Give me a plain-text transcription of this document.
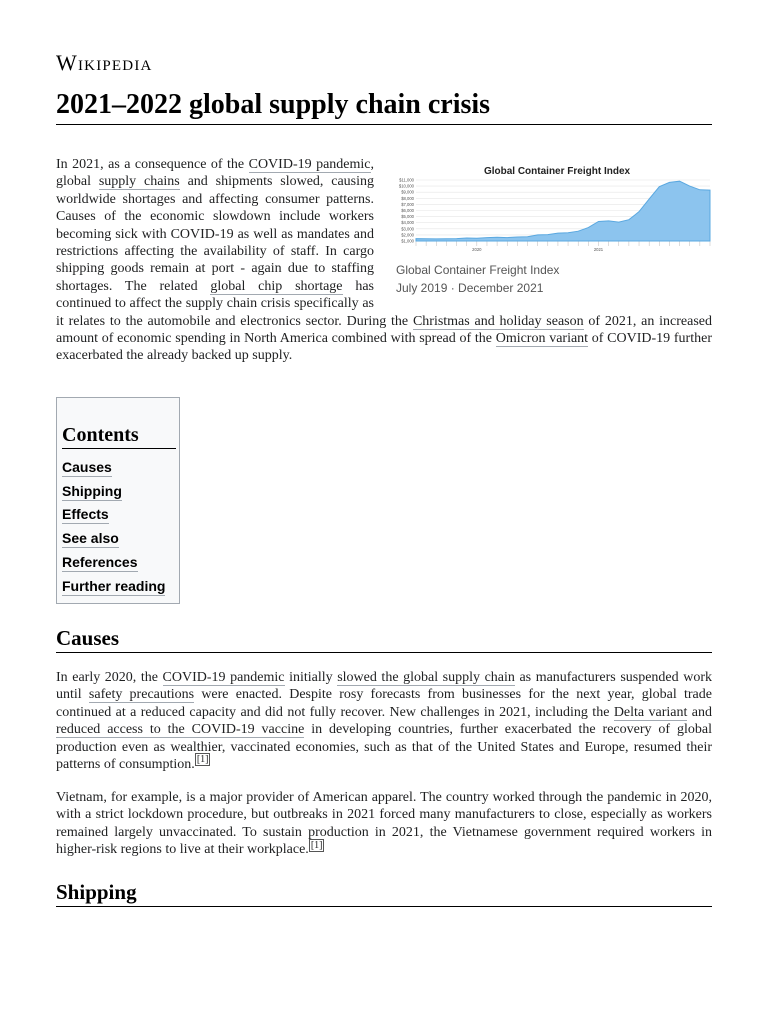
Wikipedia
2021–2022 global supply chain crisis
Global Container Freight Index
$1,000
$2,000
$3,000
$4,000
$5,000
$6,000
$7,000
$8,000
$9,000
$10,000
$11,000
2020	2021
Global Container Freight Index
July 2019 · December 2021

In 2021, as a consequence of the COVID-19 pandemic, global supply chains and shipments slowed, causing worldwide shortages and affecting consumer patterns. Causes of the economic slowdown include workers becoming sick with COVID-19 as well as mandates and restrictions affecting the availability of staff. In cargo shipping goods remain at port - again due to staffing shortages. The related global chip shortage has continued to affect the supply chain crisis specifically as it relates to the automobile and electronics sector. During the Christmas and holiday season of 2021, an increased amount of economic spending in North America combined with spread of the Omicron variant of COVID-19 further exacerbated the already backed up supply.

Contents
Causes
Shipping
Effects
See also
References
Further reading
Causes

In early 2020, the COVID-19 pandemic initially slowed the global supply chain as manufacturers suspended work until safety precautions were enacted. Despite rosy forecasts from businesses for the next year, global trade continued at a reduced capacity and did not fully recover. New challenges in 2021, including the Delta variant and reduced access to the COVID-19 vaccine in developing countries, further exacerbated the recovery of global production even as wealthier, vaccinated economies, such as that of the United States and Europe, resumed their patterns of consumption. [1]

Vietnam, for example, is a major provider of American apparel. The country worked through the pandemic in 2020, with a strict lockdown procedure, but outbreaks in 2021 forced many manufacturers to close, especially as workers remained largely unvaccinated. To sustain production in 2021, the Vietnamese government required workers in higher-risk regions to live at their workplace. [1]

Shipping
